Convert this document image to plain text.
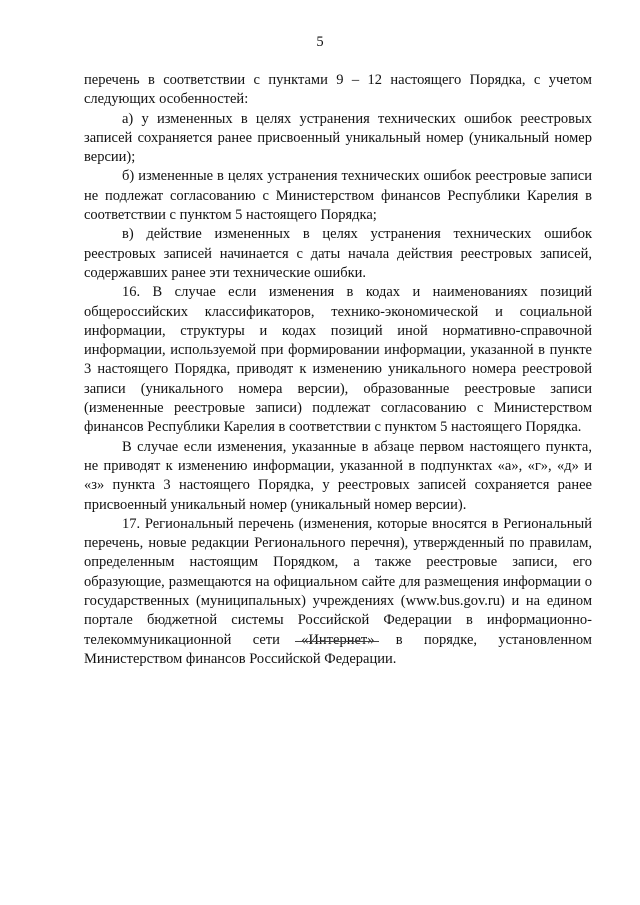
5

перечень в соответствии с пунктами 9 – 12 настоящего Порядка, с учетом следующих особенностей:

а) у измененных в целях устранения технических ошибок реестровых записей сохраняется ранее присвоенный уникальный номер (уникальный номер версии);

б) измененные в целях устранения технических ошибок реестровые записи не подлежат согласованию с Министерством финансов Республики Карелия в соответствии с пунктом 5 настоящего Порядка;

в) действие измененных в целях устранения технических ошибок реестровых записей начинается с даты начала действия реестровых записей, содержавших ранее эти технические ошибки.

16. В случае если изменения в кодах и наименованиях позиций общероссийских классификаторов, технико-экономической и социальной информации, структуры и кодах позиций иной нормативно-справочной информации, используемой при формировании информации, указанной в пункте 3 настоящего Порядка, приводят к изменению уникального номера реестровой записи (уникального номера версии), образованные реестровые записи (измененные реестровые записи) подлежат согласованию с Министерством финансов Республики Карелия в соответствии с пунктом 5 настоящего Порядка.

В случае если изменения, указанные в абзаце первом настоящего пункта, не приводят к изменению информации, указанной в подпунктах «а», «г», «д» и «з» пункта 3 настоящего Порядка, у реестровых записей сохраняется ранее присвоенный уникальный номер (уникальный номер версии).

17. Региональный перечень (изменения, которые вносятся в Региональный перечень, новые редакции Регионального перечня), утвержденный по правилам, определенным настоящим Порядком, а также реестровые записи, его образующие, размещаются на официальном сайте для размещения информации о государственных (муниципальных) учреждениях (www.bus.gov.ru) и на едином портале бюджетной системы Российской Федерации в информационно-телекоммуникационной сети «Интернет» в порядке, установленном Министерством финансов Российской Федерации.
